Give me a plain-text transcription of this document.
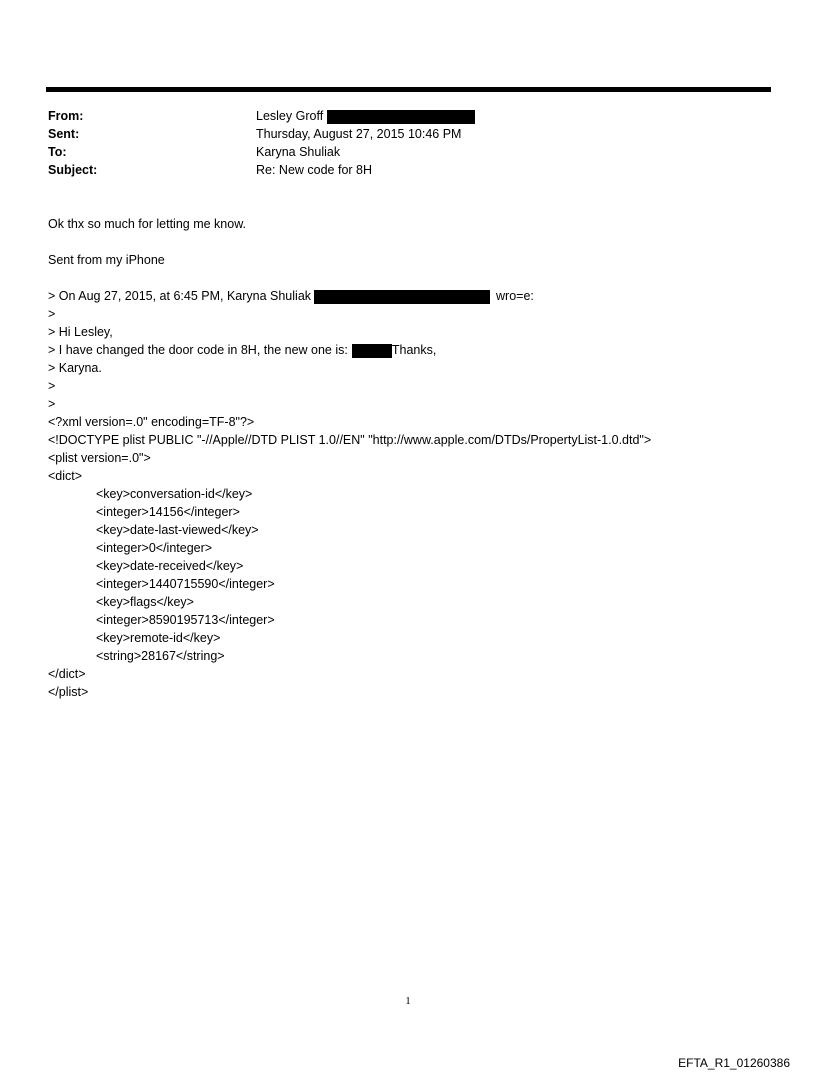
From:	Lesley Groff
Sent:	Thursday, August 27, 2015 10:46 PM
To:	Karyna Shuliak
Subject:	Re: New code for 8H
Ok thx so much for letting me know.
Sent from my iPhone
> On Aug 27, 2015, at 6:45 PM, Karyna Shuliak	wro=e:
>
> Hi Lesley,
> I have changed the door code in 8H, the new one is:	Thanks,
> Karyna.
>
>
<?xml version=.0" encoding=TF-8"?>
<!DOCTYPE plist PUBLIC "-//Apple//DTD PLIST 1.0//EN" "http://www.apple.com/DTDs/PropertyList-1.0.dtd">
<plist version=.0">
<dict>
<key>conversation-id</key>
<integer>14156</integer>
<key>date-last-viewed</key>
<integer>0</integer>
<key>date-received</key>
<integer>1440715590</integer>
<key>flags</key>
<integer>8590195713</integer>
<key>remote-id</key>
<string>28167</string>
</dict>
</plist>
1
EFTA_R1_01260386
